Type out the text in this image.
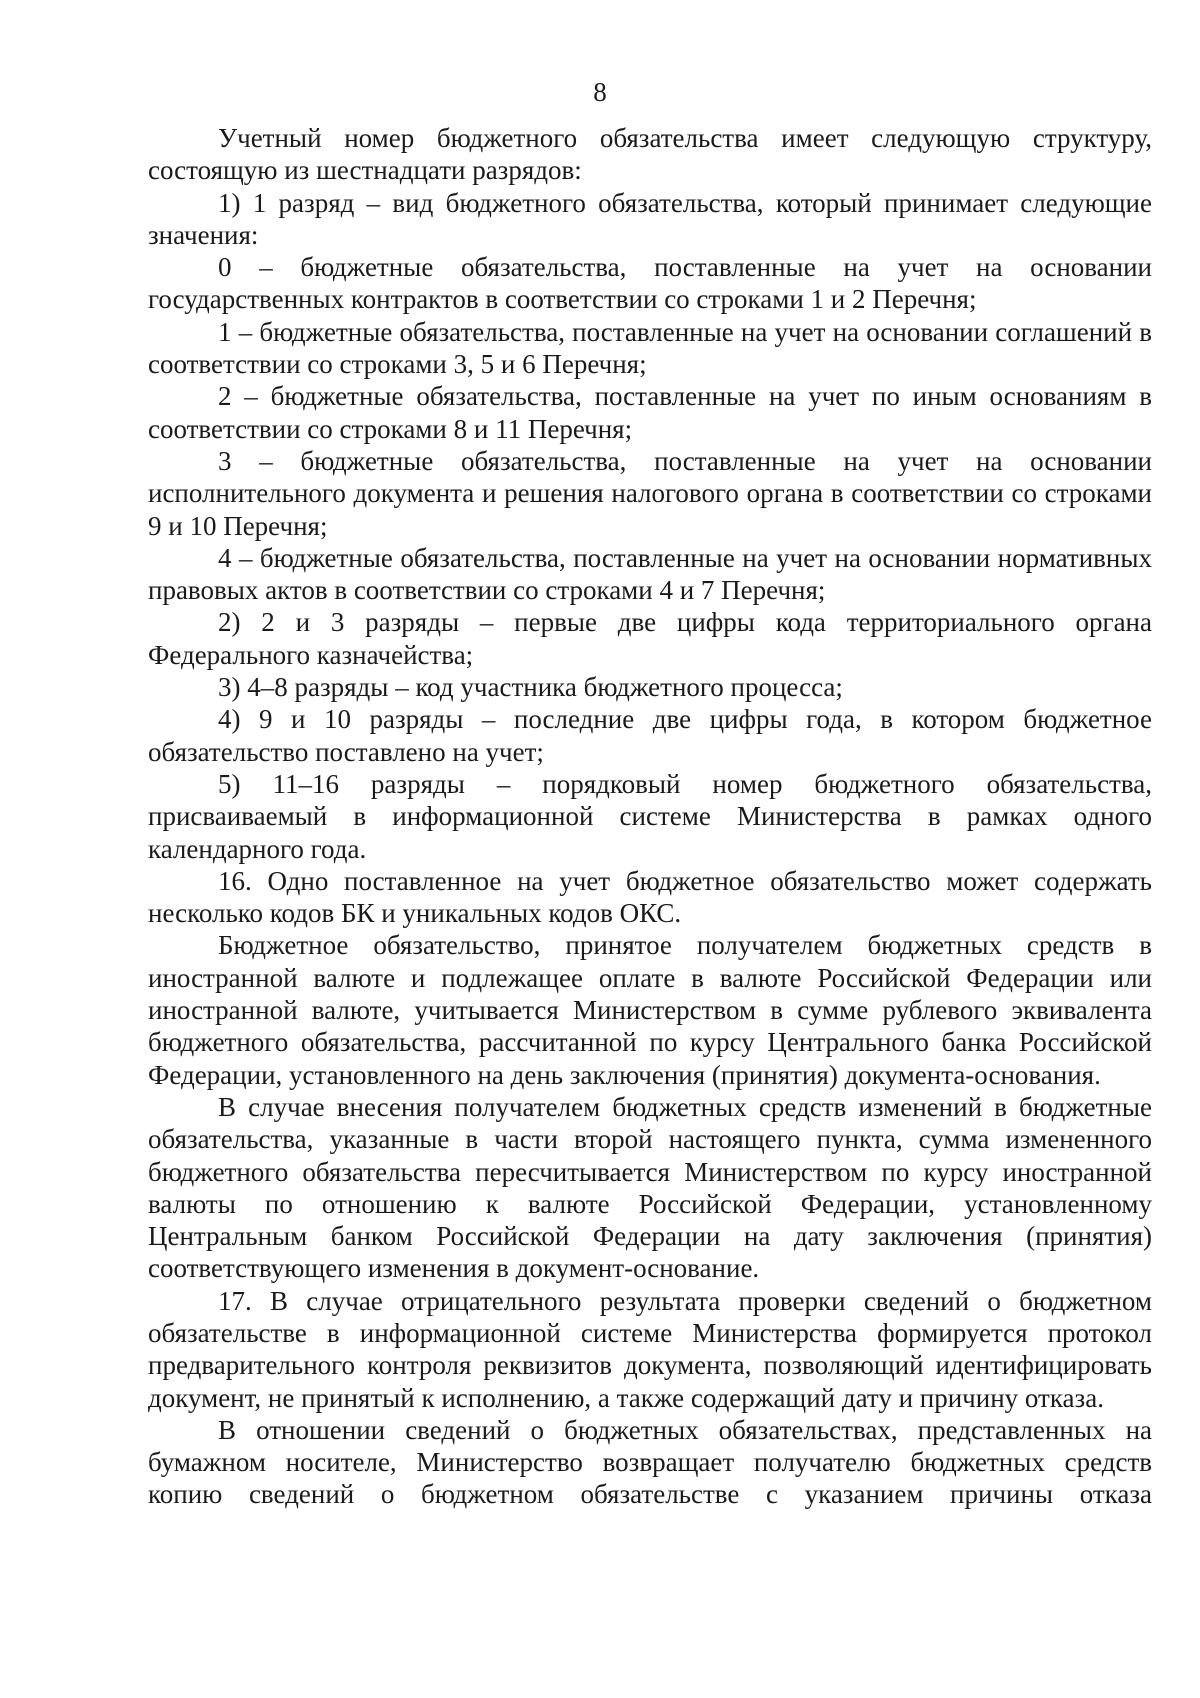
8

Учетный номер бюджетного обязательства имеет следующую структуру, состоящую из шестнадцати разрядов:

1) 1 разряд – вид бюджетного обязательства, который принимает следующие значения:

0 – бюджетные обязательства, поставленные на учет на основании государственных контрактов в соответствии со строками 1 и 2 Перечня;

1 – бюджетные обязательства, поставленные на учет на основании соглашений в соответствии со строками 3, 5 и 6 Перечня;

2 – бюджетные обязательства, поставленные на учет по иным основаниям в соответствии со строками 8 и 11 Перечня;

3 – бюджетные обязательства, поставленные на учет на основании исполнительного документа и решения налогового органа в соответствии со строками 9 и 10 Перечня;

4 – бюджетные обязательства, поставленные на учет на основании нормативных правовых актов в соответствии со строками 4 и 7 Перечня;

2) 2 и 3 разряды – первые две цифры кода территориального органа Федерального казначейства;

3) 4–8 разряды – код участника бюджетного процесса;

4) 9 и 10 разряды – последние две цифры года, в котором бюджетное обязательство поставлено на учет;

5) 11–16 разряды – порядковый номер бюджетного обязательства, присваиваемый в информационной системе Министерства в рамках одного календарного года.

16. Одно поставленное на учет бюджетное обязательство может содержать несколько кодов БК и уникальных кодов ОКС.

Бюджетное обязательство, принятое получателем бюджетных средств в иностранной валюте и подлежащее оплате в валюте Российской Федерации или иностранной валюте, учитывается Министерством в сумме рублевого эквивалента бюджетного обязательства, рассчитанной по курсу Центрального банка Российской Федерации, установленного на день заключения (принятия) документа-основания.

В случае внесения получателем бюджетных средств изменений в бюджетные обязательства, указанные в части второй настоящего пункта, сумма измененного бюджетного обязательства пересчитывается Министерством по курсу иностранной валюты по отношению к валюте Российской Федерации, установленному Центральным банком Российской Федерации на дату заключения (принятия) соответствующего изменения в документ-основание.

17. В случае отрицательного результата проверки сведений о бюджетном обязательстве в информационной системе Министерства формируется протокол предварительного контроля реквизитов документа, позволяющий идентифицировать документ, не принятый к исполнению, а также содержащий дату и причину отказа.

В отношении сведений о бюджетных обязательствах, представленных на бумажном носителе, Министерство возвращает получателю бюджетных средств копию сведений о бюджетном обязательстве с указанием причины отказа
